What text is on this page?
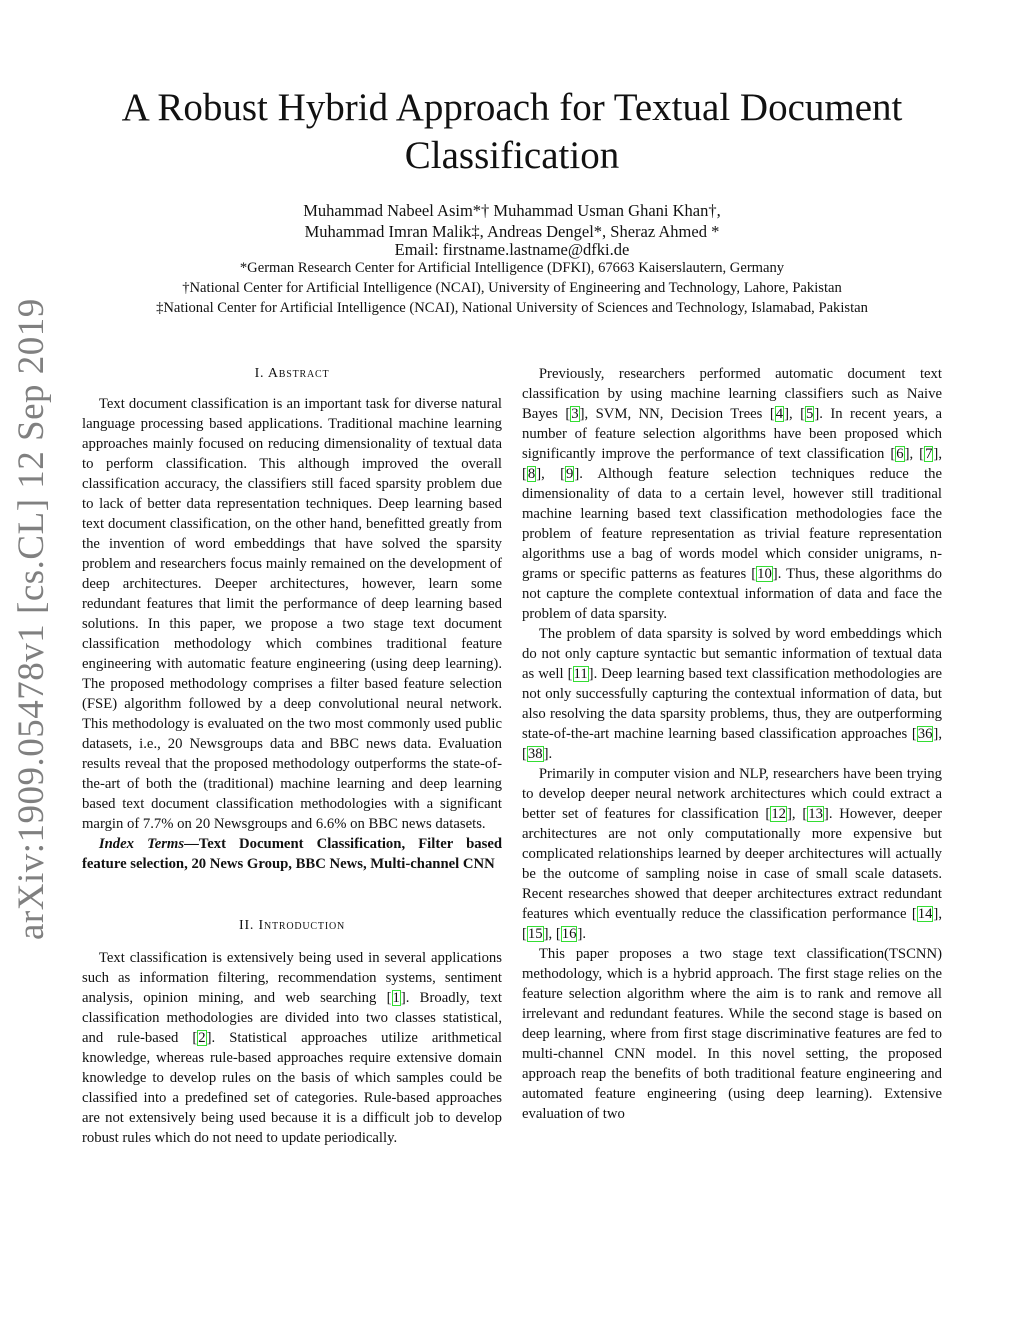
arXiv:1909.05478v1 [cs.CL] 12 Sep 2019
A Robust Hybrid Approach for Textual Document Classification
Muhammad Nabeel Asim*† Muhammad Usman Ghani Khan†,
Muhammad Imran Malik‡, Andreas Dengel*, Sheraz Ahmed *
Email: firstname.lastname@dfki.de
*German Research Center for Artificial Intelligence (DFKI), 67663 Kaiserslautern, Germany
†National Center for Artificial Intelligence (NCAI), University of Engineering and Technology, Lahore, Pakistan
‡National Center for Artificial Intelligence (NCAI), National University of Sciences and Technology, Islamabad, Pakistan
I. Abstract

Text document classification is an important task for diverse natural language processing based applications. Traditional machine learning approaches mainly focused on reducing dimensionality of textual data to perform classification. This although improved the overall classification accuracy, the classifiers still faced sparsity problem due to lack of better data representation techniques. Deep learning based text document classification, on the other hand, benefitted greatly from the invention of word embeddings that have solved the sparsity problem and researchers focus mainly remained on the development of deep architectures. Deeper architectures, however, learn some redundant features that limit the performance of deep learning based solutions. In this paper, we propose a two stage text document classification methodology which combines traditional feature engineering with automatic feature engineering (using deep learning). The proposed methodology comprises a filter based feature selection (FSE) algorithm followed by a deep convolutional neural network. This methodology is evaluated on the two most commonly used public datasets, i.e., 20 Newsgroups data and BBC news data. Evaluation results reveal that the proposed methodology outperforms the state-of-the-art of both the (traditional) machine learning and deep learning based text document classification methodologies with a significant margin of 7.7% on 20 Newsgroups and 6.6% on BBC news datasets.

Index Terms—Text Document Classification, Filter based feature selection, 20 News Group, BBC News, Multi-channel CNN

II. Introduction

Text classification is extensively being used in several applications such as information filtering, recommendation systems, sentiment analysis, opinion mining, and web searching [1]. Broadly, text classification methodologies are divided into two classes statistical, and rule-based [2]. Statistical approaches utilize arithmetical knowledge, whereas rule-based approaches require extensive domain knowledge to develop rules on the basis of which samples could be classified into a predefined set of categories. Rule-based approaches are not extensively being used because it is a difficult job to develop robust rules which do not need to update periodically.

Previously, researchers performed automatic document text classification by using machine learning classifiers such as Naive Bayes [3], SVM, NN, Decision Trees [4], [5]. In recent years, a number of feature selection algorithms have been proposed which significantly improve the performance of text classification [6], [7], [8], [9]. Although feature selection techniques reduce the dimensionality of data to a certain level, however still traditional machine learning based text classification methodologies face the problem of feature representation as trivial feature representation algorithms use a bag of words model which consider unigrams, n-grams or specific patterns as features [10]. Thus, these algorithms do not capture the complete contextual information of data and face the problem of data sparsity.

The problem of data sparsity is solved by word embeddings which do not only capture syntactic but semantic information of textual data as well [11]. Deep learning based text classification methodologies are not only successfully capturing the contextual information of data, but also resolving the data sparsity problems, thus, they are outperforming state-of-the-art machine learning based classification approaches [36], [38].

Primarily in computer vision and NLP, researchers have been trying to develop deeper neural network architectures which could extract a better set of features for classification [12], [13]. However, deeper architectures are not only computationally more expensive but complicated relationships learned by deeper architectures will actually be the outcome of sampling noise in case of small scale datasets. Recent researches showed that deeper architectures extract redundant features which eventually reduce the classification performance [14], [15], [16].

This paper proposes a two stage text classification(TSCNN) methodology, which is a hybrid approach. The first stage relies on the feature selection algorithm where the aim is to rank and remove all irrelevant and redundant features. While the second stage is based on deep learning, where from first stage discriminative features are fed to multi-channel CNN model. In this novel setting, the proposed approach reap the benefits of both traditional feature engineering and automated feature engineering (using deep learning). Extensive evaluation of two
